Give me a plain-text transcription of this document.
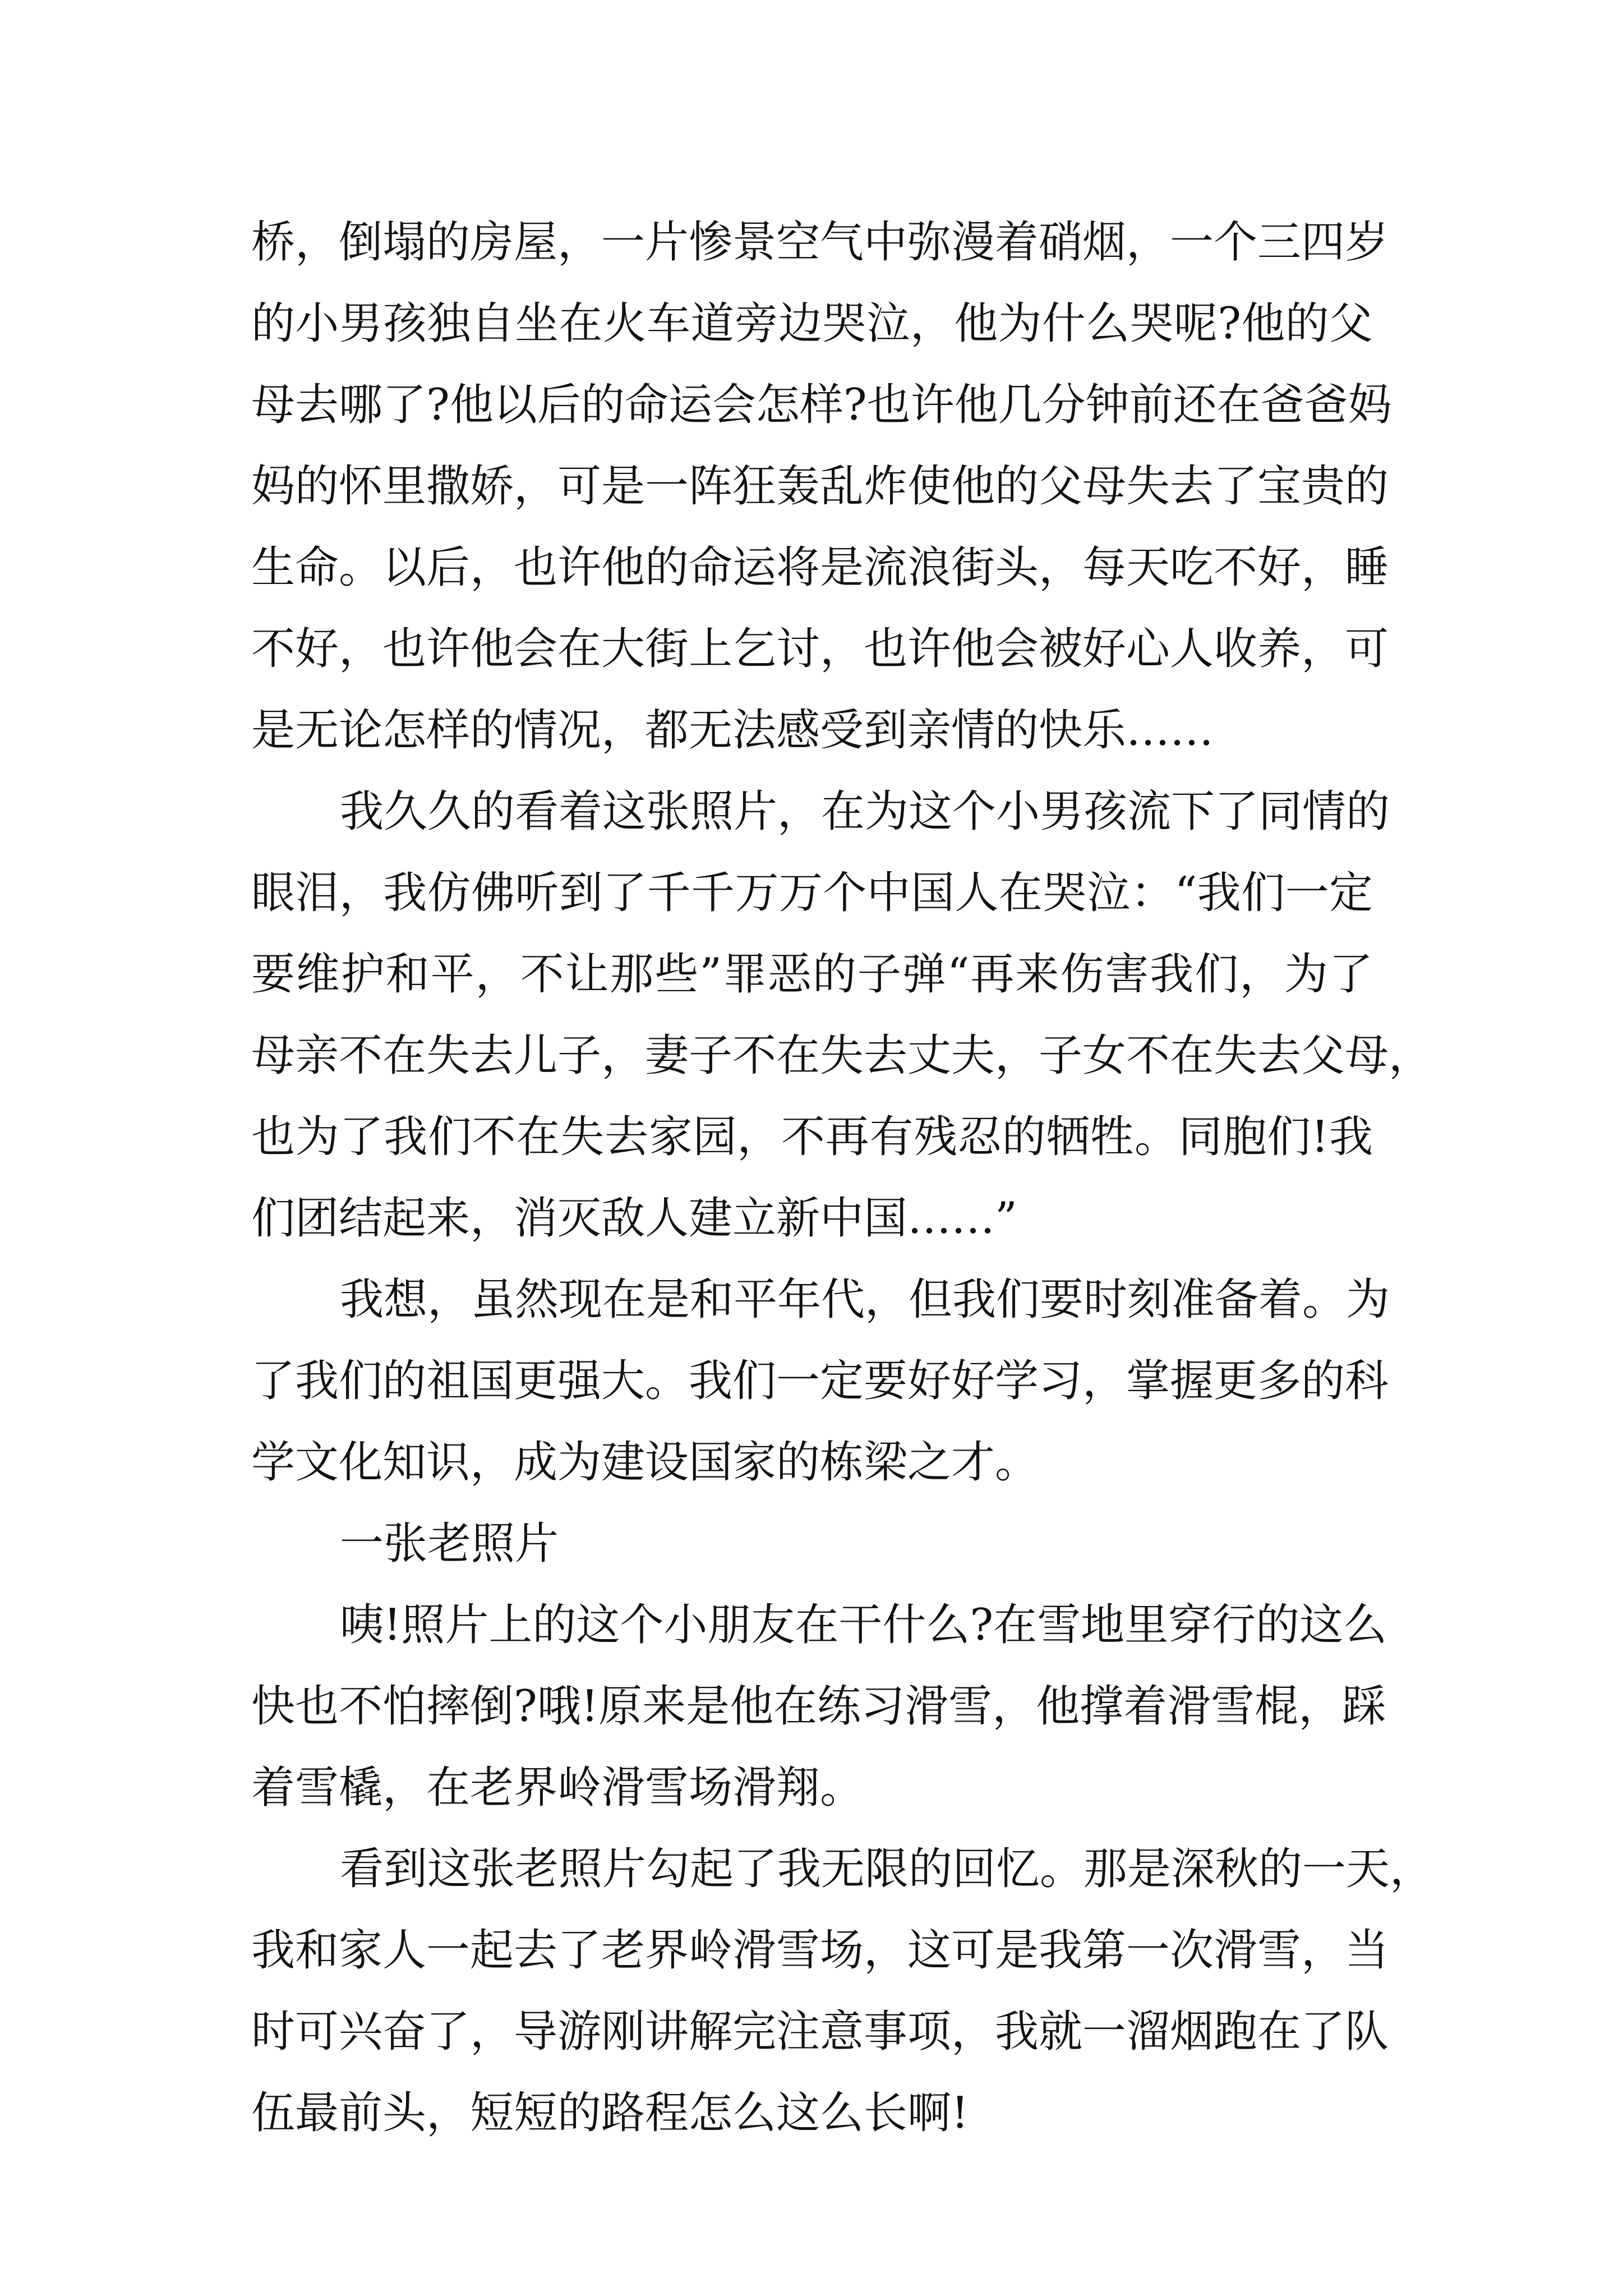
桥，倒塌的房屋，一片惨景空气中弥漫着硝烟，一个三四岁
的小男孩独自坐在火车道旁边哭泣，他为什么哭呢?他的父
母去哪了?他以后的命运会怎样?也许他几分钟前还在爸爸妈
妈的怀里撒娇，可是一阵狂轰乱炸使他的父母失去了宝贵的
生命。以后，也许他的命运将是流浪街头，每天吃不好，睡
不好，也许他会在大街上乞讨，也许他会被好心人收养，可
是无论怎样的情况，都无法感受到亲情的快乐……
我久久的看着这张照片，在为这个小男孩流下了同情的
眼泪，我仿佛听到了千千万万个中国人在哭泣：“我们一定
要维护和平，不让那些”罪恶的子弹“再来伤害我们，为了
母亲不在失去儿子，妻子不在失去丈夫，子女不在失去父母，
也为了我们不在失去家园，不再有残忍的牺牲。同胞们!我
们团结起来，消灭敌人建立新中国……”
我想，虽然现在是和平年代，但我们要时刻准备着。为
了我们的祖国更强大。我们一定要好好学习，掌握更多的科
学文化知识，成为建设国家的栋梁之才。
一张老照片
咦!照片上的这个小朋友在干什么?在雪地里穿行的这么
快也不怕摔倒?哦!原来是他在练习滑雪，他撑着滑雪棍，踩
着雪橇，在老界岭滑雪场滑翔。
看到这张老照片勾起了我无限的回忆。那是深秋的一天，
我和家人一起去了老界岭滑雪场，这可是我第一次滑雪，当
时可兴奋了，导游刚讲解完注意事项，我就一溜烟跑在了队
伍最前头，短短的路程怎么这么长啊!
